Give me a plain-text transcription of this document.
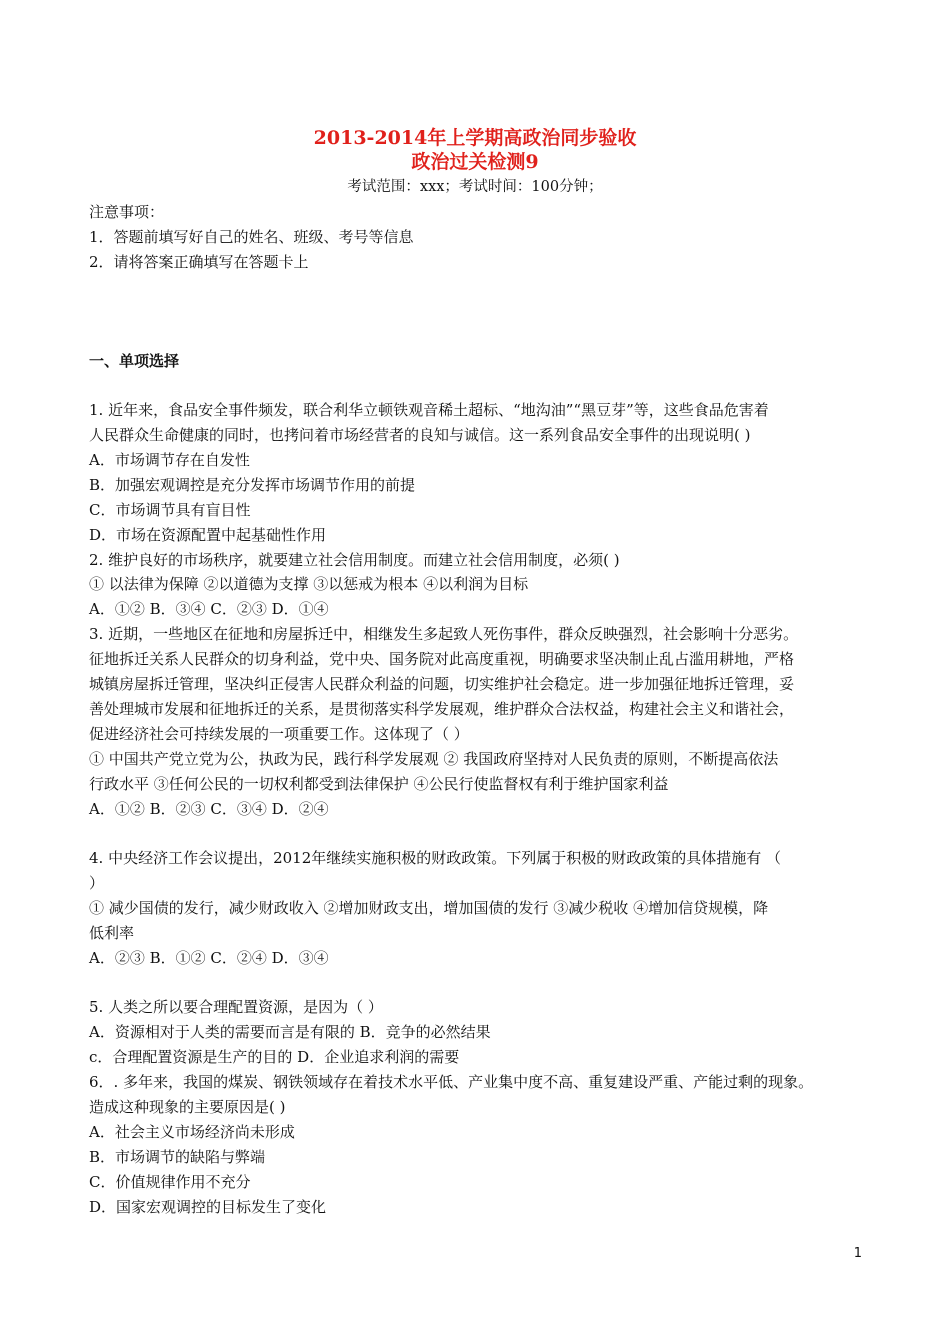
2013-2014年上学期高政治同步验收
政治过关检测9
考试范围：xxx；考试时间：100分钟；
注意事项：
1．答题前填写好自己的姓名、班级、考号等信息
2．请将答案正确填写在答题卡上
一、单项选择
1. 近年来，食品安全事件频发，联合利华立顿铁观音稀土超标、“地沟油”“黑豆芽”等，这些食品危害着
人民群众生命健康的同时，也拷问着市场经营者的良知与诚信。这一系列食品安全事件的出现说明( )
A．市场调节存在自发性
B．加强宏观调控是充分发挥市场调节作用的前提
C．市场调节具有盲目性
D．市场在资源配置中起基础性作用
2. 维护良好的市场秩序，就要建立社会信用制度。而建立社会信用制度，必须( )
① 以法律为保障 ②以道德为支撑 ③以惩戒为根本 ④以利润为目标
A．①② B．③④ C．②③ D．①④
3. 近期，一些地区在征地和房屋拆迁中，相继发生多起致人死伤事件，群众反映强烈，社会影响十分恶劣。
征地拆迁关系人民群众的切身利益，党中央、国务院对此高度重视，明确要求坚决制止乱占滥用耕地，严格
城镇房屋拆迁管理，坚决纠正侵害人民群众利益的问题，切实维护社会稳定。进一步加强征地拆迁管理，妥
善处理城市发展和征地拆迁的关系，是贯彻落实科学发展观，维护群众合法权益，构建社会主义和谐社会，
促进经济社会可持续发展的一项重要工作。这体现了（ ）
① 中国共产党立党为公，执政为民，践行科学发展观 ② 我国政府坚持对人民负责的原则，不断提高依法
行政水平 ③任何公民的一切权利都受到法律保护 ④公民行使监督权有利于维护国家利益
A．①② B．②③ C．③④ D．②④
4. 中央经济工作会议提出，2012年继续实施积极的财政政策。下列属于积极的财政政策的具体措施有 （
）
① 减少国债的发行，减少财政收入 ②增加财政支出，增加国债的发行 ③减少税收 ④增加信贷规模，降
低利率
A．②③ B．①② C．②④ D．③④
5. 人类之所以要合理配置资源，是因为（ ）
A．资源相对于人类的需要而言是有限的 B．竞争的必然结果
c．合理配置资源是生产的目的 D．企业追求利润的需要
6．. 多年来，我国的煤炭、钢铁领域存在着技术水平低、产业集中度不高、重复建设严重、产能过剩的现象。
造成这种现象的主要原因是( )
A．社会主义市场经济尚未形成
B．市场调节的缺陷与弊端
C．价值规律作用不充分
D．国家宏观调控的目标发生了变化
1
